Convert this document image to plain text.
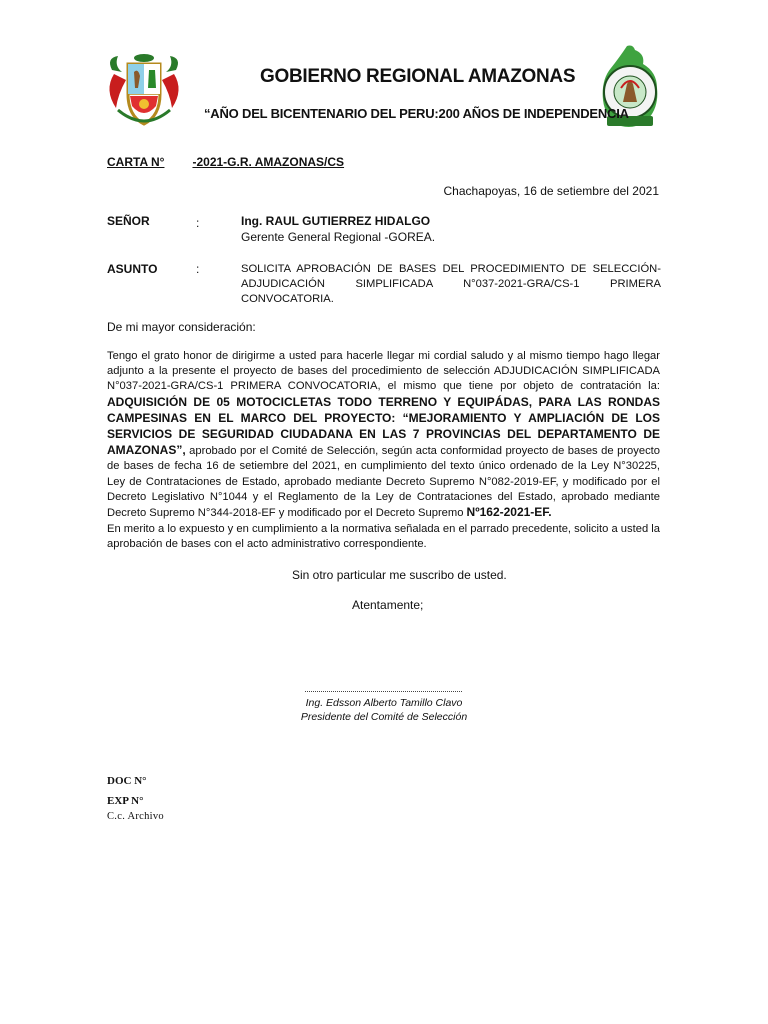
GOBIERNO REGIONAL AMAZONAS
“AÑO DEL BICENTENARIO DEL PERU:200 AÑOS DE INDEPENDENCIA
CARTA N° -2021-G.R. AMAZONAS/CS
Chachapoyas, 16 de setiembre del 2021
SEÑOR	:	Ing. RAUL GUTIERREZ HIDALGO
Gerente General Regional -GOREA.
ASUNTO	:	SOLICITA APROBACIÓN DE BASES DEL PROCEDIMIENTO DE SELECCIÓN-ADJUDICACIÓN SIMPLIFICADA N°037-2021-GRA/CS-1 PRIMERA CONVOCATORIA.
De mi mayor consideración:
Tengo el grato honor de dirigirme a usted para hacerle llegar mi cordial saludo y al mismo tiempo hago llegar adjunto a la presente el proyecto de bases del procedimiento de selección ADJUDICACIÓN SIMPLIFICADA N°037-2021-GRA/CS-1 PRIMERA CONVOCATORIA, el mismo que tiene por objeto de contratación la: ADQUISICIÓN DE 05 MOTOCICLETAS TODO TERRENO Y EQUIPÁDAS, PARA LAS RONDAS CAMPESINAS EN EL MARCO DEL PROYECTO: “MEJORAMIENTO Y AMPLIACIÓN DE LOS SERVICIOS DE SEGURIDAD CIUDADANA EN LAS 7 PROVINCIAS DEL DEPARTAMENTO DE AMAZONAS”, aprobado por el Comité de Selección, según acta conformidad proyecto de bases de proyecto de bases de fecha 16 de setiembre del 2021, en cumplimiento del texto único ordenado de la Ley N°30225, Ley de Contrataciones de Estado, aprobado mediante Decreto Supremo N°082-2019-EF, y modificado por el Decreto Legislativo N°1044 y el Reglamento de la Ley de Contrataciones del Estado, aprobado mediante Decreto Supremo N°344-2018-EF y modificado por el Decreto Supremo Nº162-2021-EF.
En merito a lo expuesto y en cumplimiento a la normativa señalada en el parrado precedente, solicito a usted la aprobación de bases con el acto administrativo correspondiente.
Sin otro particular me suscribo de usted.
Atentamente;
Ing. Edsson Alberto Tamillo Clavo
Presidente del Comité de Selección
DOC N°
EXP N°
C.c. Archivo
